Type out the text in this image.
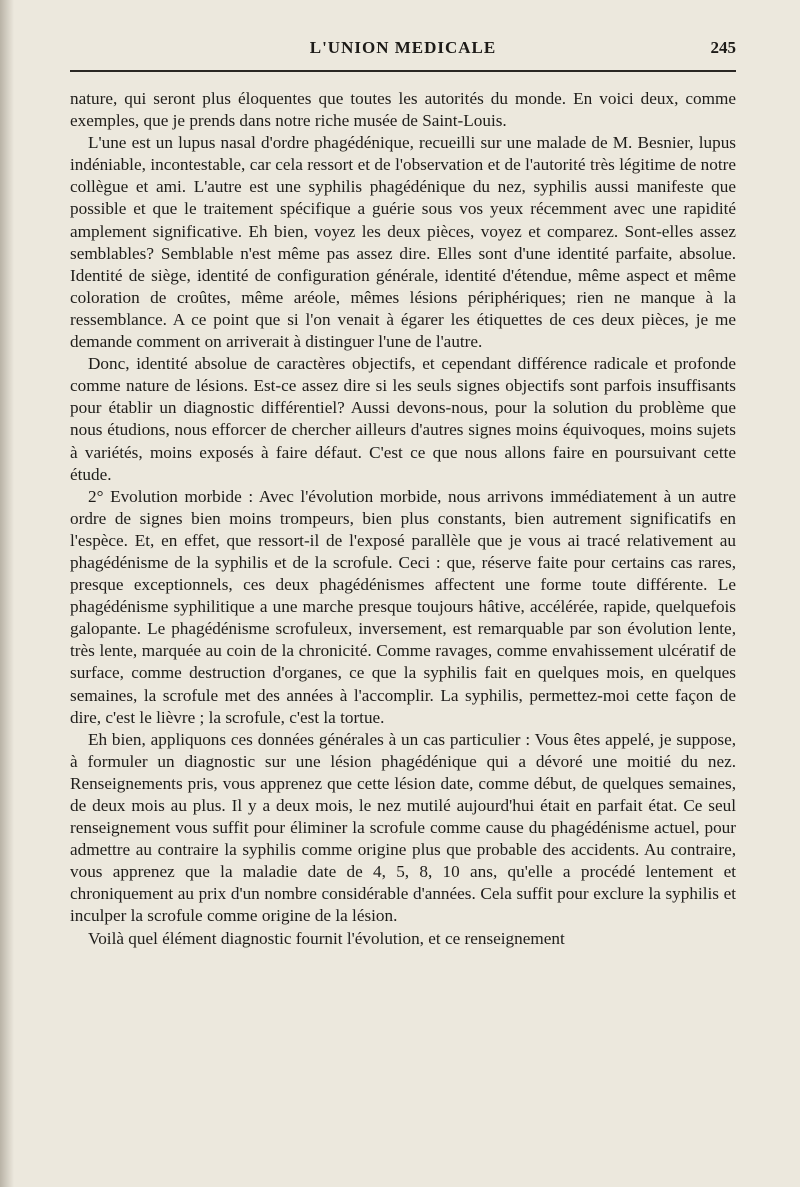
L'UNION MEDICALE	245

nature, qui seront plus éloquentes que toutes les autorités du monde. En voici deux, comme exemples, que je prends dans notre riche musée de Saint-Louis.

L'une est un lupus nasal d'ordre phagédénique, recueilli sur une malade de M. Besnier, lupus indéniable, incontestable, car cela ressort et de l'observation et de l'autorité très légitime de notre collègue et ami. L'autre est une syphilis phagédénique du nez, syphilis aussi manifeste que possible et que le traitement spécifique a guérie sous vos yeux récemment avec une rapidité amplement significative. Eh bien, voyez les deux pièces, voyez et comparez. Sont-elles assez semblables? Semblable n'est même pas assez dire. Elles sont d'une identité parfaite, absolue. Identité de siège, identité de configuration générale, identité d'étendue, même aspect et même coloration de croûtes, même aréole, mêmes lésions périphériques; rien ne manque à la ressemblance. A ce point que si l'on venait à égarer les étiquettes de ces deux pièces, je me demande comment on arriverait à distinguer l'une de l'autre.

Donc, identité absolue de caractères objectifs, et cependant différence radicale et profonde comme nature de lésions. Est-ce assez dire si les seuls signes objectifs sont parfois insuffisants pour établir un diagnostic différentiel? Aussi devons-nous, pour la solution du problème que nous étudions, nous efforcer de chercher ailleurs d'autres signes moins équivoques, moins sujets à variétés, moins exposés à faire défaut. C'est ce que nous allons faire en poursuivant cette étude.

2° Evolution morbide : Avec l'évolution morbide, nous arrivons immédiatement à un autre ordre de signes bien moins trompeurs, bien plus constants, bien autrement significatifs en l'espèce. Et, en effet, que ressort-il de l'exposé parallèle que je vous ai tracé relativement au phagédénisme de la syphilis et de la scrofule. Ceci : que, réserve faite pour certains cas rares, presque exceptionnels, ces deux phagédénismes affectent une forme toute différente. Le phagédénisme syphilitique a une marche presque toujours hâtive, accélérée, rapide, quelquefois galopante. Le phagédénisme scrofuleux, inversement, est remarquable par son évolution lente, très lente, marquée au coin de la chronicité. Comme ravages, comme envahissement ulcératif de surface, comme destruction d'organes, ce que la syphilis fait en quelques mois, en quelques semaines, la scrofule met des années à l'accomplir. La syphilis, permettez-moi cette façon de dire, c'est le lièvre ; la scrofule, c'est la tortue.

Eh bien, appliquons ces données générales à un cas particulier : Vous êtes appelé, je suppose, à formuler un diagnostic sur une lésion phagédénique qui a dévoré une moitié du nez. Renseignements pris, vous apprenez que cette lésion date, comme début, de quelques semaines, de deux mois au plus. Il y a deux mois, le nez mutilé aujourd'hui était en parfait état. Ce seul renseignement vous suffit pour éliminer la scrofule comme cause du phagédénisme actuel, pour admettre au contraire la syphilis comme origine plus que probable des accidents. Au contraire, vous apprenez que la maladie date de 4, 5, 8, 10 ans, qu'elle a procédé lentement et chroniquement au prix d'un nombre considérable d'années. Cela suffit pour exclure la syphilis et inculper la scrofule comme origine de la lésion.

Voilà quel élément diagnostic fournit l'évolution, et ce renseignement
